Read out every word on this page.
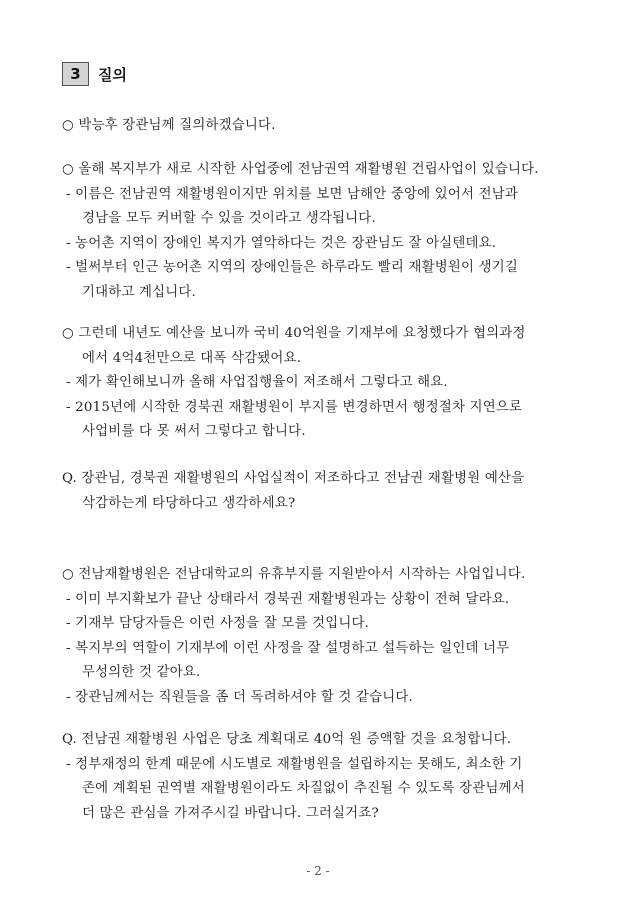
3	질의
○ 박능후 장관님께 질의하겠습니다.
○ 올해 복지부가 새로 시작한 사업중에 전남권역 재활병원 건립사업이 있습니다.
- 이름은 전남권역 재활병원이지만 위치를 보면 남해안 중앙에 있어서 전남과
경남을 모두 커버할 수 있을 것이라고 생각됩니다.
- 농어촌 지역이 장애인 복지가 열악하다는 것은 장관님도 잘 아실텐데요.
- 벌써부터 인근 농어촌 지역의 장애인들은 하루라도 빨리 재활병원이 생기길
기대하고 계십니다.
○ 그런데 내년도 예산을 보니까 국비 40억원을 기재부에 요청했다가 협의과정
에서 4억4천만으로 대폭 삭감됐어요.
- 제가 확인해보니까 올해 사업집행율이 저조해서 그렇다고 해요.
- 2015년에 시작한 경북권 재활병원이 부지를 변경하면서 행정절차 지연으로
사업비를 다 못 써서 그렇다고 합니다.
Q. 장관님, 경북권 재활병원의 사업실적이 저조하다고 전남권 재활병원 예산을
삭감하는게 타당하다고 생각하세요?
○ 전남재활병원은 전남대학교의 유휴부지를 지원받아서 시작하는 사업입니다.
- 이미 부지확보가 끝난 상태라서 경북권 재활병원과는 상황이 전혀 달라요.
- 기재부 담당자들은 이런 사정을 잘 모를 것입니다.
- 복지부의 역할이 기재부에 이런 사정을 잘 설명하고 설득하는 일인데 너무
무성의한 것 같아요.
- 장관님께서는 직원들을 좀 더 독려하셔야 할 것 같습니다.
Q. 전남권 재활병원 사업은 당초 계획대로 40억 원 증액할 것을 요청합니다.
- 정부재정의 한계 때문에 시도별로 재활병원을 설립하지는 못해도, 최소한 기
존에 계획된 권역별 재활병원이라도 차질없이 추진될 수 있도록 장관님께서
더 많은 관심을 가져주시길 바랍니다. 그러실거죠?
- 2 -
